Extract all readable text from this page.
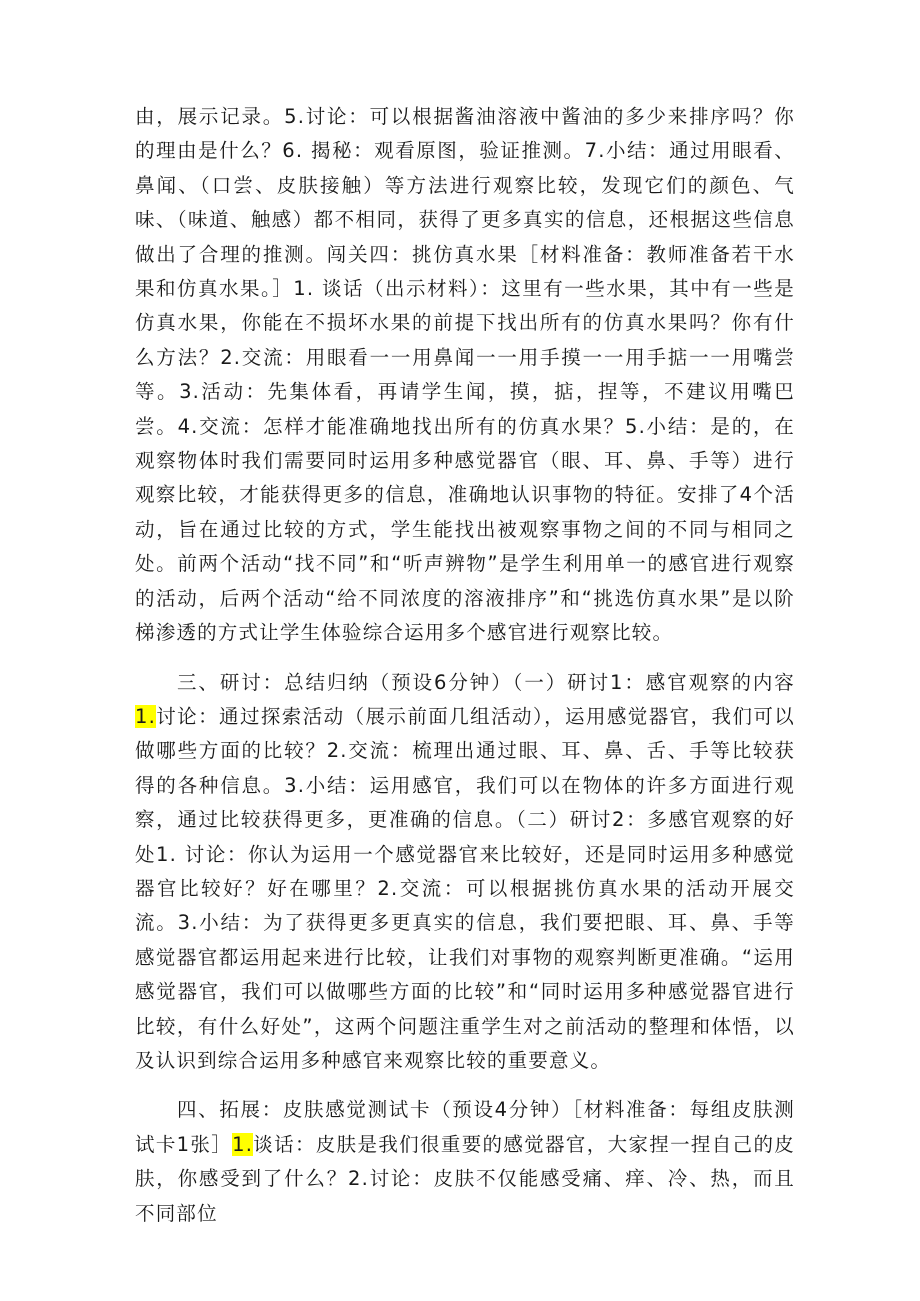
由，展示记录。5.讨论：可以根据酱油溶液中酱油的多少来排序吗？你的理由是什么？6. 揭秘：观看原图，验证推测。7.小结：通过用眼看、鼻闻、（口尝、皮肤接触）等方法进行观察比较，发现它们的颜色、气味、（味道、触感）都不相同，获得了更多真实的信息，还根据这些信息做出了合理的推测。闯关四：挑仿真水果［材料准备：教师准备若干水果和仿真水果。］1. 谈话（出示材料）：这里有一些水果，其中有一些是仿真水果，你能在不损坏水果的前提下找出所有的仿真水果吗？你有什么方法？2.交流：用眼看一一用鼻闻一一用手摸一一用手掂一一用嘴尝等。3.活动：先集体看，再请学生闻，摸，掂，捏等，不建议用嘴巴尝。4.交流：怎样才能准确地找出所有的仿真水果？5.小结：是的，在观察物体时我们需要同时运用多种感觉器官（眼、耳、鼻、手等）进行观察比较，才能获得更多的信息，准确地认识事物的特征。安排了4个活动，旨在通过比较的方式，学生能找出被观察事物之间的不同与相同之处。前两个活动“找不同”和“听声辨物”是学生利用单一的感官进行观察的活动，后两个活动“给不同浓度的溶液排序”和“挑选仿真水果”是以阶梯渗透的方式让学生体验综合运用多个感官进行观察比较。

三、研讨：总结归纳（预设6分钟）（一）研讨1：感官观察的内容1.讨论：通过探索活动（展示前面几组活动），运用感觉器官，我们可以做哪些方面的比较？2.交流：梳理出通过眼、耳、鼻、舌、手等比较获得的各种信息。3.小结：运用感官，我们可以在物体的许多方面进行观察，通过比较获得更多，更准确的信息。（二）研讨2：多感官观察的好处1. 讨论：你认为运用一个感觉器官来比较好，还是同时运用多种感觉器官比较好？好在哪里？2.交流：可以根据挑仿真水果的活动开展交流。3.小结：为了获得更多更真实的信息，我们要把眼、耳、鼻、手等感觉器官都运用起来进行比较，让我们对事物的观察判断更准确。“运用感觉器官，我们可以做哪些方面的比较”和“同时运用多种感觉器官进行比较，有什么好处”，这两个问题注重学生对之前活动的整理和体悟，以及认识到综合运用多种感官来观察比较的重要意义。

四、拓展：皮肤感觉测试卡（预设4分钟）［材料准备：每组皮肤测试卡1张］1.谈话：皮肤是我们很重要的感觉器官，大家捏一捏自己的皮肤，你感受到了什么？2.讨论：皮肤不仅能感受痛、痒、冷、热，而且不同部位
